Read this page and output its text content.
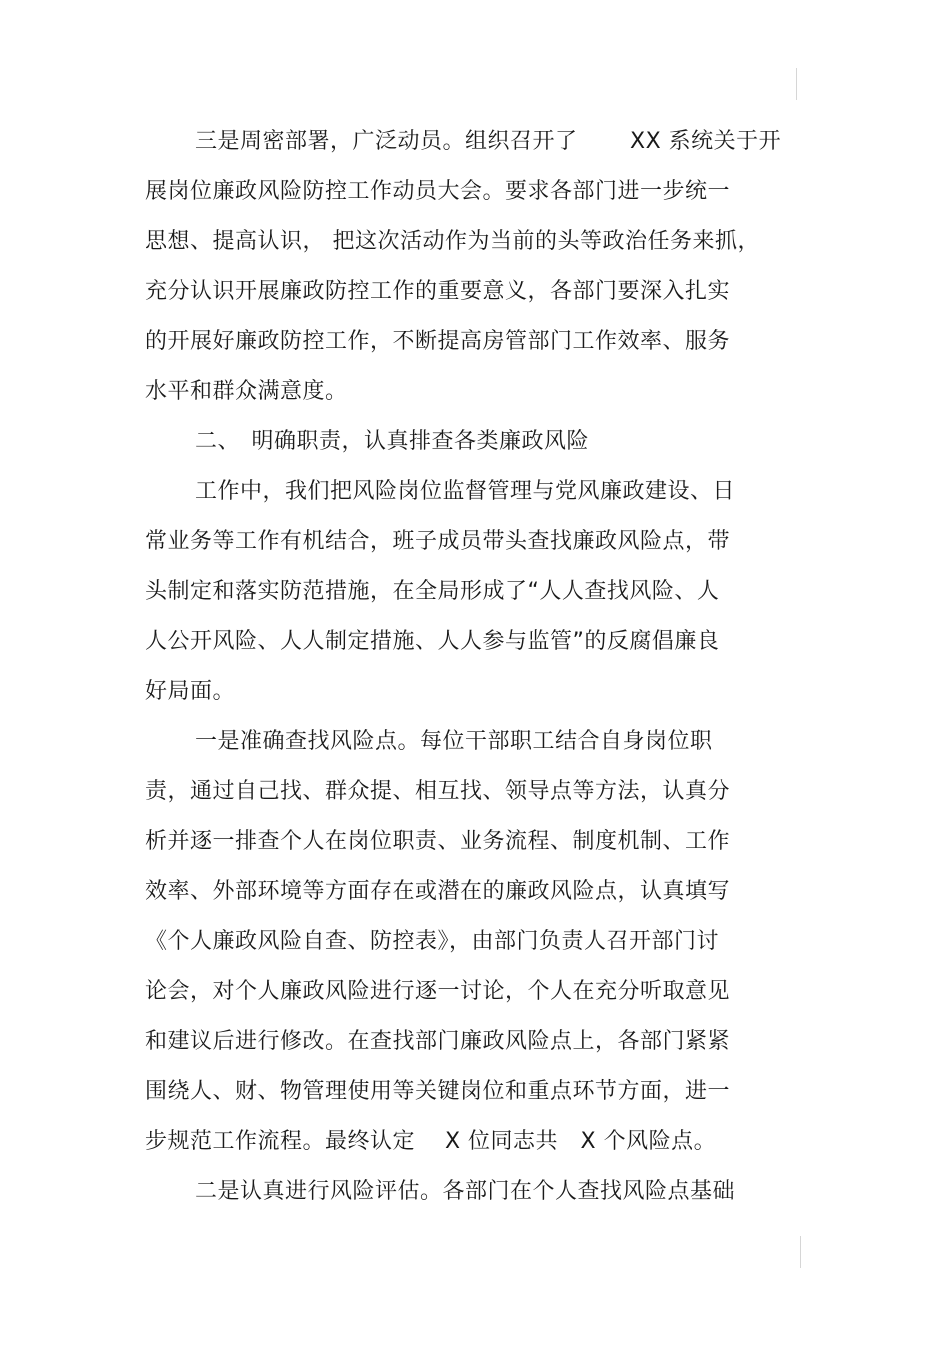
三是周密部署，广泛动员。组织召开了　　 XX 系统关于开
展岗位廉政风险防控工作动员大会。要求各部门进一步统一
思想、提高认识， 把这次活动作为当前的头等政治任务来抓，
充分认识开展廉政防控工作的重要意义，各部门要深入扎实
的开展好廉政防控工作，不断提高房管部门工作效率、服务
水平和群众满意度。
二、　明确职责，认真排查各类廉政风险
工作中，我们把风险岗位监督管理与党风廉政建设、日
常业务等工作有机结合，班子成员带头查找廉政风险点，带
头制定和落实防范措施，在全局形成了“人人查找风险、人
人公开风险、人人制定措施、人人参与监管”的反腐倡廉良
好局面。
一是准确查找风险点。每位干部职工结合自身岗位职
责，通过自己找、群众提、相互找、领导点等方法，认真分
析并逐一排查个人在岗位职责、业务流程、制度机制、工作
效率、外部环境等方面存在或潜在的廉政风险点，认真填写
《个人廉政风险自查、防控表》，由部门负责人召开部门讨
论会，对个人廉政风险进行逐一讨论，个人在充分听取意见
和建议后进行修改。在查找部门廉政风险点上，各部门紧紧
围绕人、财、物管理使用等关键岗位和重点环节方面，进一
步规范工作流程。最终认定　 X 位同志共　X 个风险点。
二是认真进行风险评估。各部门在个人查找风险点基础
